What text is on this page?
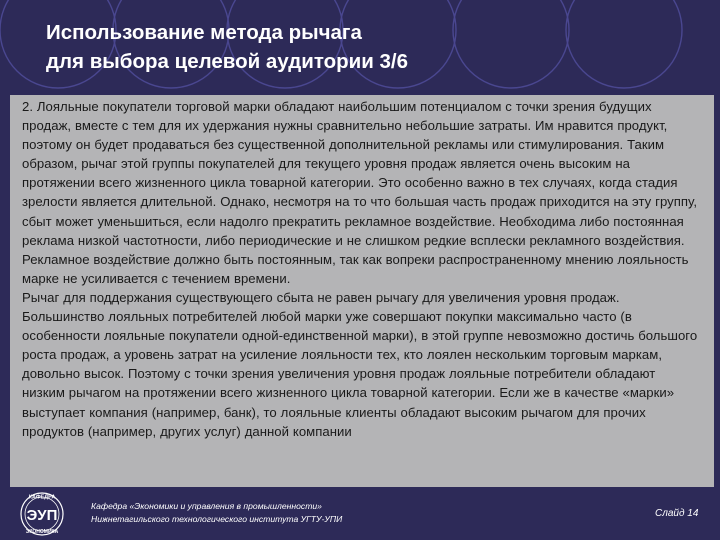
Использование метода рычага
для выбора целевой аудитории 3/6

2. Лояльные покупатели торговой марки обладают наибольшим потенциалом с точки зрения будущих продаж, вместе с тем для их удержания нужны сравнительно небольшие затраты. Им нравится продукт, поэтому он будет продаваться без существенной дополнительной рекламы или стимулирования. Таким образом, рычаг этой группы покупателей для текущего уровня продаж является очень высоким на протяжении всего жизненного цикла товарной категории. Это особенно важно в тех случаях, когда стадия зрелости является длительной. Однако, несмотря на то что большая часть продаж приходится на эту группу, сбыт может уменьшиться, если надолго прекратить рекламное воздействие. Необходима либо постоянная реклама низкой частотности, либо периодические и не слишком редкие всплески рекламного воздействия. Рекламное воздействие должно быть постоянным, так как вопреки распространенному мнению лояльность марке не усиливается с течением времени.

Рычаг для поддержания существующего сбыта не равен рычагу для увеличения уровня продаж. Большинство лояльных потребителей любой марки уже совершают покупки максимально часто (в особенности лояльные покупатели одной-единственной марки), в этой группе невозможно достичь большого роста продаж, а уровень затрат на усиление лояльности тех, кто лоялен нескольким торговым маркам, довольно высок. Поэтому с точки зрения увеличения уровня продаж лояльные потребители обладают низким рычагом на протяжении всего жизненного цикла товарной категории. Если же в качестве «марки» выступает компания (например, банк), то лояльные клиенты обладают высоким рычагом для прочих продуктов (например, других услуг) данной компании

КАФЕДРА
ЭУП
ЭКОНОМИКА
Кафедра «Экономики и управления в промышленности»
Нижнетагильского технологического института УГТУ-УПИ	Слайд 14
